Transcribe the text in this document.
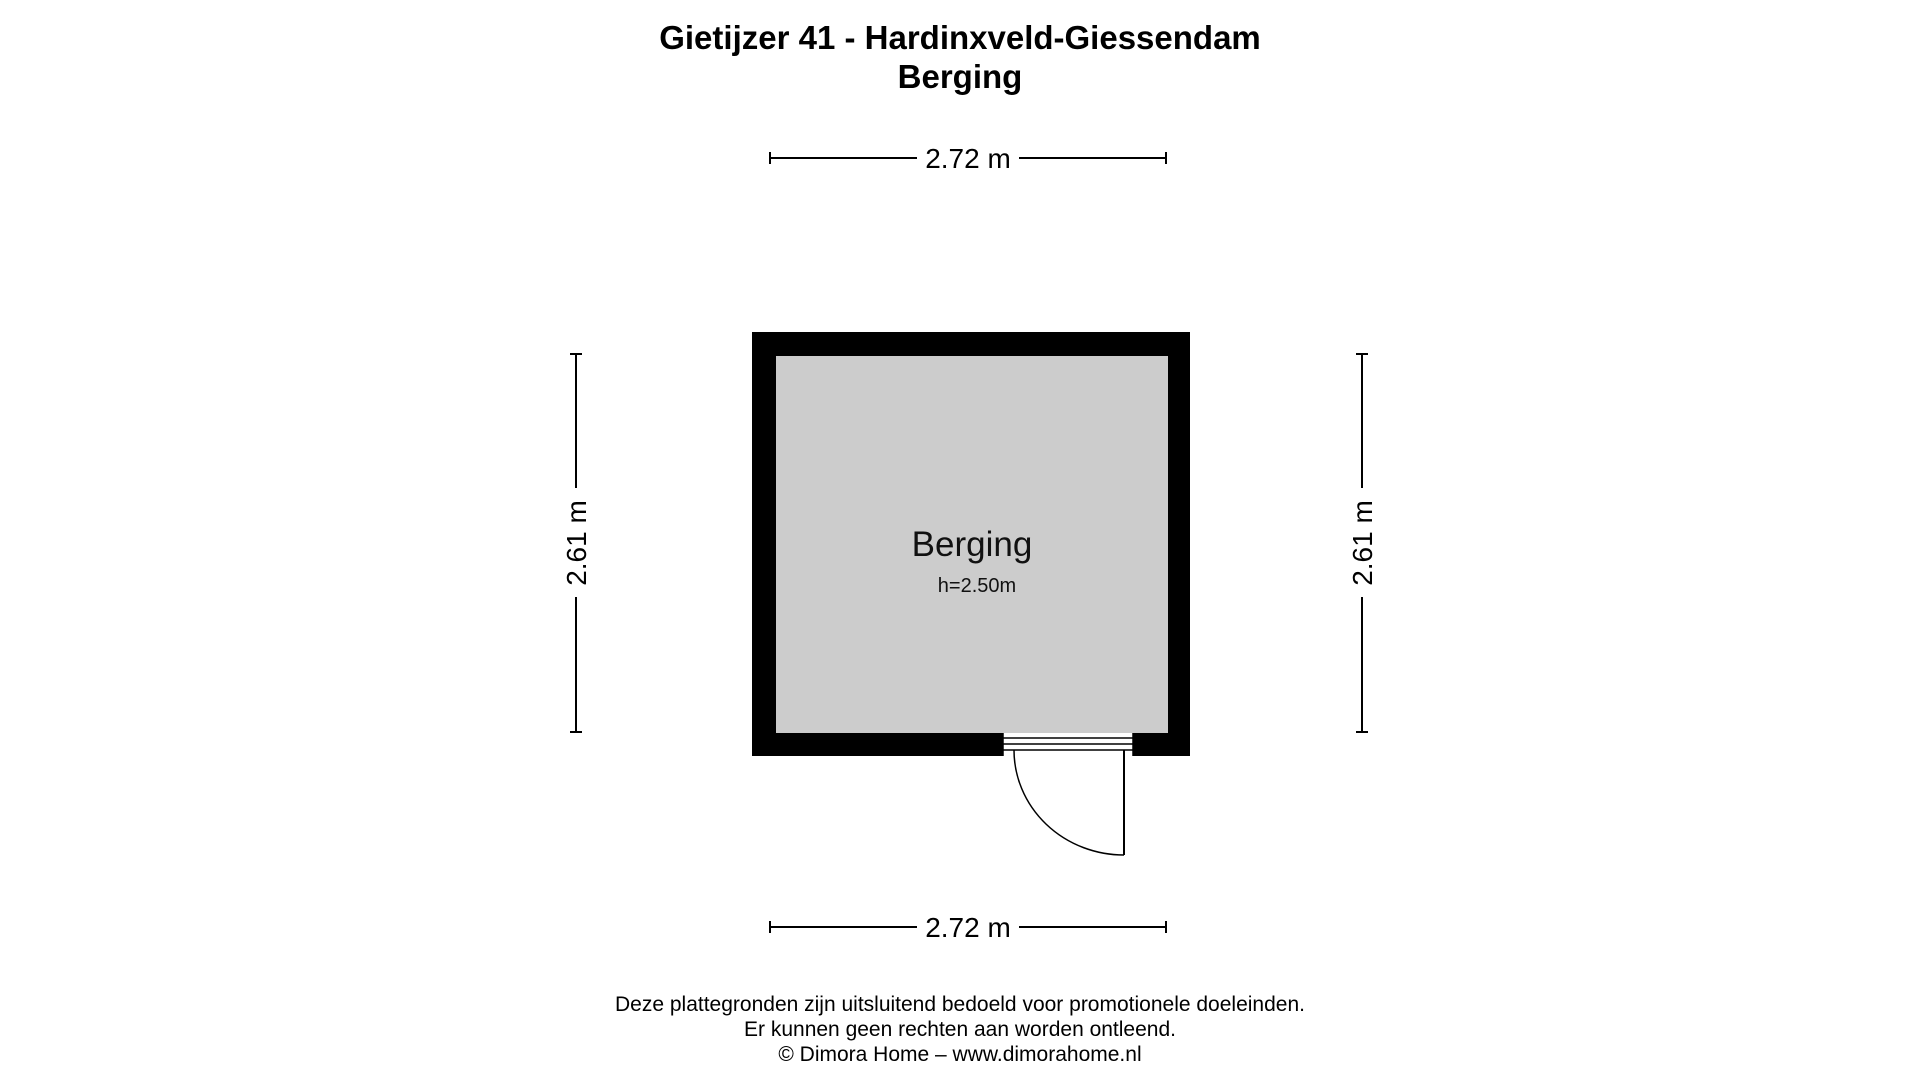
Gietijzer 41 - Hardinxveld-Giessendam
Berging
2.72 m
2.72 m
2.61 m	2.61 m
Berging
h=2.50m

Deze plattegronden zijn uitsluitend bedoeld voor promotionele doeleinden.

Er kunnen geen rechten aan worden ontleend.

© Dimora Home – www.dimorahome.nl
